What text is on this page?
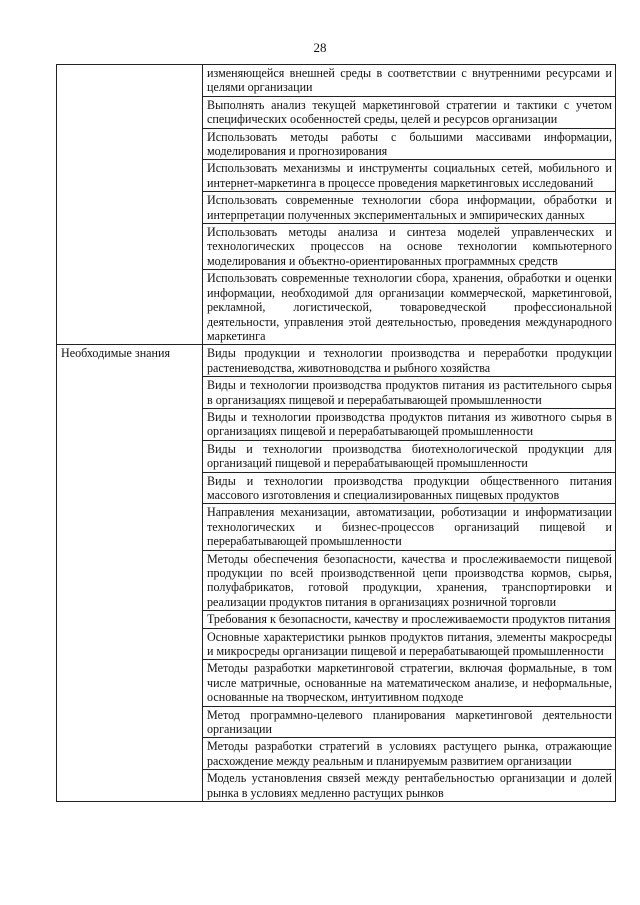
28
	изменяющейся внешней среды в соответствии с внутренними ресурсами и целями организации
	Выполнять анализ текущей маркетинговой стратегии и тактики с учетом специфических особенностей среды, целей и ресурсов организации
	Использовать методы работы с большими массивами информации, моделирования и прогнозирования
	Использовать механизмы и инструменты социальных сетей, мобильного и интернет-маркетинга в процессе проведения маркетинговых исследований
	Использовать современные технологии сбора информации, обработки и интерпретации полученных экспериментальных и эмпирических данных
	Использовать методы анализа и синтеза моделей управленческих и технологических процессов на основе технологии компьютерного моделирования и объектно-ориентированных программных средств
	Использовать современные технологии сбора, хранения, обработки и оценки информации, необходимой для организации коммерческой, маркетинговой, рекламной, логистической, товароведческой профессиональной деятельности, управления этой деятельностью, проведения международного маркетинга
Необходимые знания	Виды продукции и технологии производства и переработки продукции растениеводства, животноводства и рыбного хозяйства
	Виды и технологии производства продуктов питания из растительного сырья в организациях пищевой и перерабатывающей промышленности
	Виды и технологии производства продуктов питания из животного сырья в организациях пищевой и перерабатывающей промышленности
	Виды и технологии производства биотехнологической продукции для организаций пищевой и перерабатывающей промышленности
	Виды и технологии производства продукции общественного питания массового изготовления и специализированных пищевых продуктов
	Направления механизации, автоматизации, роботизации и информатизации технологических и бизнес-процессов организаций пищевой и перерабатывающей промышленности
	Методы обеспечения безопасности, качества и прослеживаемости пищевой продукции по всей производственной цепи производства кормов, сырья, полуфабрикатов, готовой продукции, хранения, транспортировки и реализации продуктов питания в организациях розничной торговли
	Требования к безопасности, качеству и прослеживаемости продуктов питания
	Основные характеристики рынков продуктов питания, элементы макросреды и микросреды организации пищевой и перерабатывающей промышленности
	Методы разработки маркетинговой стратегии, включая формальные, в том числе матричные, основанные на математическом анализе, и неформальные, основанные на творческом, интуитивном подходе
	Метод программно-целевого планирования маркетинговой деятельности организации
	Методы разработки стратегий в условиях растущего рынка, отражающие расхождение между реальным и планируемым развитием организации
	Модель установления связей между рентабельностью организации и долей рынка в условиях медленно растущих рынков
